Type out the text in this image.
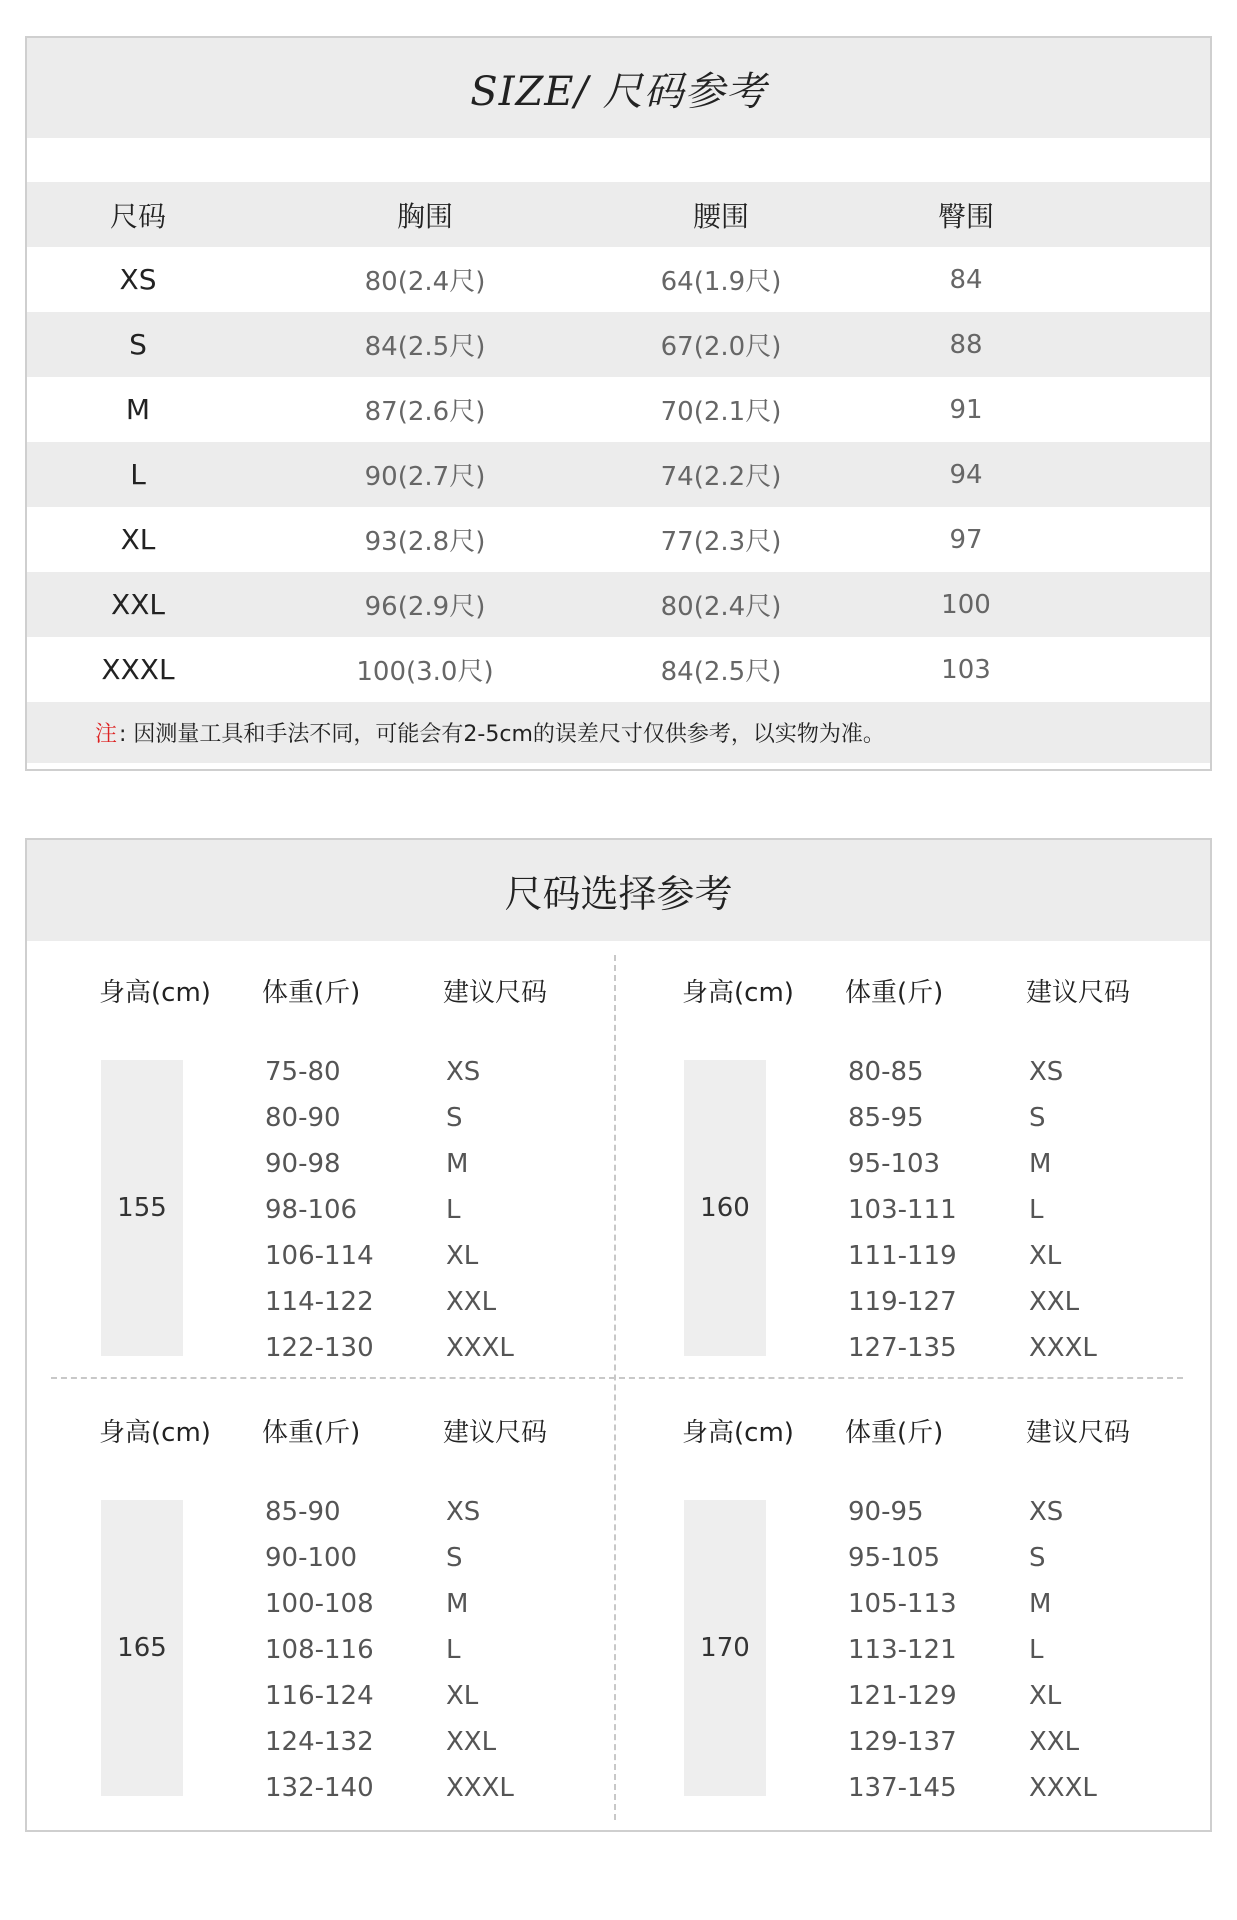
SIZE/ 尺码参考
尺码	胸围	腰围	臀围
XS	80(2.4尺)	64(1.9尺)	84
S	84(2.5尺)	67(2.0尺)	88
M	87(2.6尺)	70(2.1尺)	91
L	90(2.7尺)	74(2.2尺)	94
XL	93(2.8尺)	77(2.3尺)	97
XXL	96(2.9尺)	80(2.4尺)	100
XXXL	100(3.0尺)	84(2.5尺)	103
注 : 因测量工具和手法不同，可能会有2-5cm的误差尺寸仅供参考，以实物为准。
尺码选择参考
身高(cm) 体重(斤)	建议尺码
155
75-80	XS
80-90	S
90-98	M
98-106	L
106-114	XL
114-122	XXL
122-130	XXXL
身高(cm) 体重(斤)	建议尺码
160
80-85	XS
85-95	S
95-103	M
103-111	L
111-119	XL
119-127	XXL
127-135	XXXL
身高(cm) 体重(斤)	建议尺码
165
85-90	XS
90-100	S
100-108	M
108-116	L
116-124	XL
124-132	XXL
132-140	XXXL
身高(cm) 体重(斤)	建议尺码
170
90-95	XS
95-105	S
105-113	M
113-121	L
121-129	XL
129-137	XXL
137-145	XXXL
